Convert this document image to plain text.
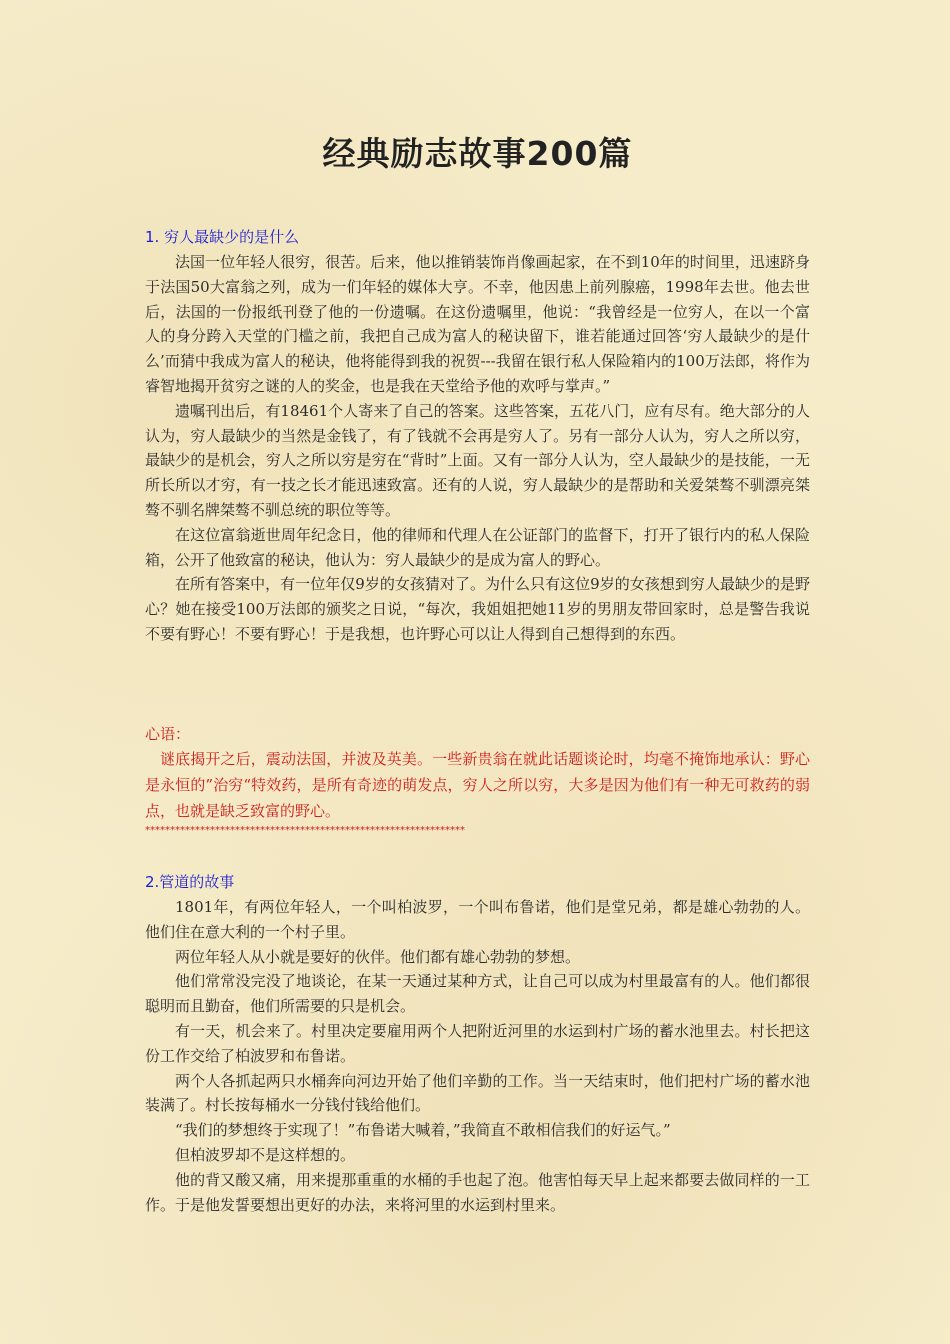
经典励志故事200篇

1. 穷人最缺少的是什么

法国一位年轻人很穷，很苦。后来，他以推销装饰肖像画起家，在不到10年的时间里，迅速跻身于法国50大富翁之列，成为一们年轻的媒体大亨。不幸，他因患上前列腺癌，1998年去世。他去世后，法国的一份报纸刊登了他的一份遗嘱。在这份遗嘱里，他说：“我曾经是一位穷人，在以一个富人的身分跨入天堂的门槛之前，我把自己成为富人的秘诀留下，谁若能通过回答‘穷人最缺少的是什么’而猜中我成为富人的秘诀，他将能得到我的祝贺---我留在银行私人保险箱内的100万法郎，将作为睿智地揭开贫穷之谜的人的奖金，也是我在天堂给予他的欢呼与掌声。”

遗嘱刊出后，有18461个人寄来了自己的答案。这些答案，五花八门，应有尽有。绝大部分的人认为，穷人最缺少的当然是金钱了，有了钱就不会再是穷人了。另有一部分人认为，穷人之所以穷，最缺少的是机会，穷人之所以穷是穷在“背时”上面。又有一部分人认为，空人最缺少的是技能，一无所长所以才穷，有一技之长才能迅速致富。还有的人说，穷人最缺少的是帮助和关爱桀骜不驯漂亮桀骜不驯名牌桀骜不驯总统的职位等等。

在这位富翁逝世周年纪念日，他的律师和代理人在公证部门的监督下，打开了银行内的私人保险箱，公开了他致富的秘诀，他认为：穷人最缺少的是成为富人的野心。

在所有答案中，有一位年仅9岁的女孩猜对了。为什么只有这位9岁的女孩想到穷人最缺少的是野心？她在接受100万法郎的颁奖之日说，“每次，我姐姐把她11岁的男朋友带回家时，总是警告我说不要有野心！不要有野心！于是我想，也许野心可以让人得到自己想得到的东西。

心语：

谜底揭开之后，震动法国，并波及英美。一些新贵翁在就此话题谈论时，均毫不掩饰地承认：野心是永恒的”治穷“特效药，是所有奇迹的萌发点，穷人之所以穷，大多是因为他们有一种无可救药的弱点，也就是缺乏致富的野心。

****************************************************************

2.管道的故事

1801年，有两位年轻人，一个叫柏波罗，一个叫布鲁诺，他们是堂兄弟，都是雄心勃勃的人。他们住在意大利的一个村子里。

两位年轻人从小就是要好的伙伴。他们都有雄心勃勃的梦想。

他们常常没完没了地谈论，在某一天通过某种方式，让自己可以成为村里最富有的人。他们都很聪明而且勤奋，他们所需要的只是机会。

有一天，机会来了。村里决定要雇用两个人把附近河里的水运到村广场的蓄水池里去。村长把这份工作交给了柏波罗和布鲁诺。

两个人各抓起两只水桶奔向河边开始了他们辛勤的工作。当一天结束时，他们把村广场的蓄水池装满了。村长按每桶水一分钱付钱给他们。

“我们的梦想终于实现了！”布鲁诺大喊着，”我简直不敢相信我们的好运气。”

但柏波罗却不是这样想的。

他的背又酸又痛，用来提那重重的水桶的手也起了泡。他害怕每天早上起来都要去做同样的一工作。于是他发誓要想出更好的办法，来将河里的水运到村里来。
